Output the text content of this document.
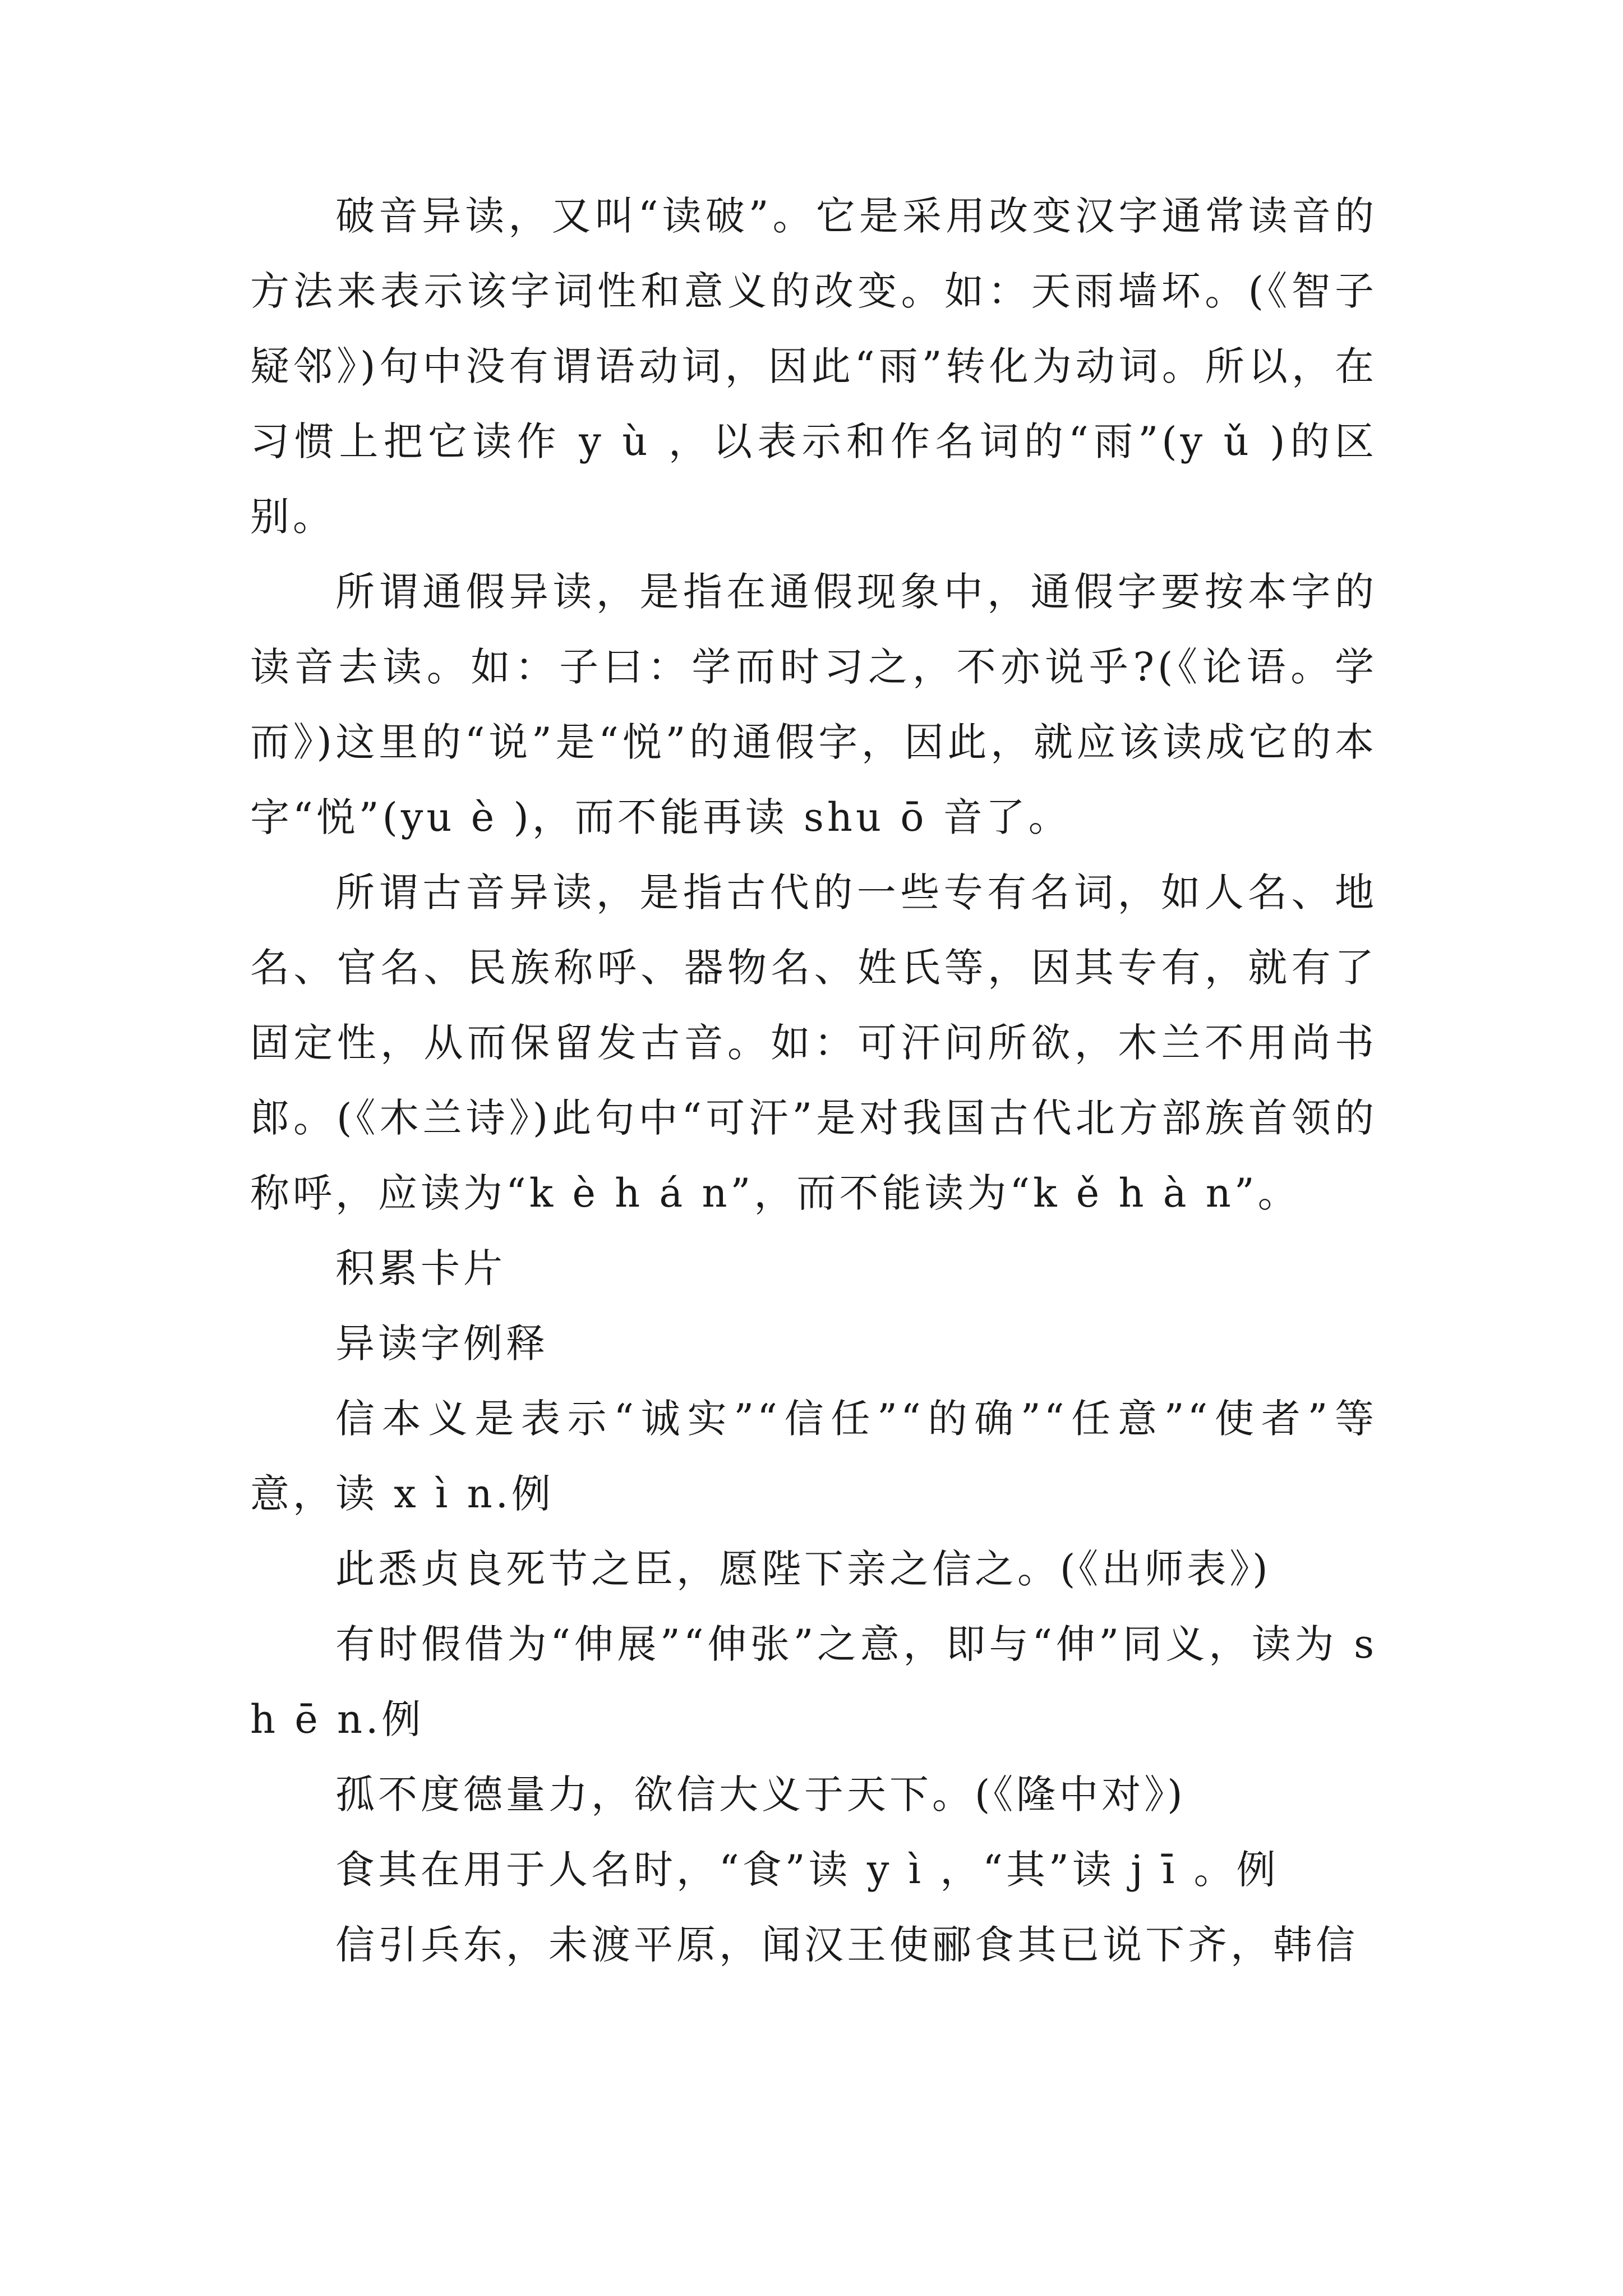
破音异读，又叫“读破”。它是采用改变汉字通常读音的方法来表示该字词性和意义的改变。如：天雨墙坏。(《智子疑邻》)句中没有谓语动词，因此“雨”转化为动词。所以，在习惯上把它读作 y ù ，以表示和作名词的“雨”(y ǔ )的区别。

所谓通假异读，是指在通假现象中，通假字要按本字的读音去读。如：子曰：学而时习之，不亦说乎?(《论语。学而》)这里的“说”是“悦”的通假字，因此，就应该读成它的本字“悦”(yu è )，而不能再读 shu ō 音了。

所谓古音异读，是指古代的一些专有名词，如人名、地名、官名、民族称呼、器物名、姓氏等，因其专有，就有了固定性，从而保留发古音。如：可汗问所欲，木兰不用尚书郎。(《木兰诗》)此句中“可汗”是对我国古代北方部族首领的称呼，应读为“k è h á n”，而不能读为“k ě h à n”。

积累卡片

异读字例释

信本义是表示“诚实”“信任”“的确”“任意”“使者”等意，读 x ì n.例

此悉贞良死节之臣，愿陛下亲之信之。(《出师表》)

有时假借为“伸展”“伸张”之意，即与“伸”同义，读为 sh ē n.例

孤不度德量力，欲信大义于天下。(《隆中对》)

食其在用于人名时，“食”读 y ì ，“其”读 j ī 。例

信引兵东，未渡平原，闻汉王使郦食其已说下齐，韩信
